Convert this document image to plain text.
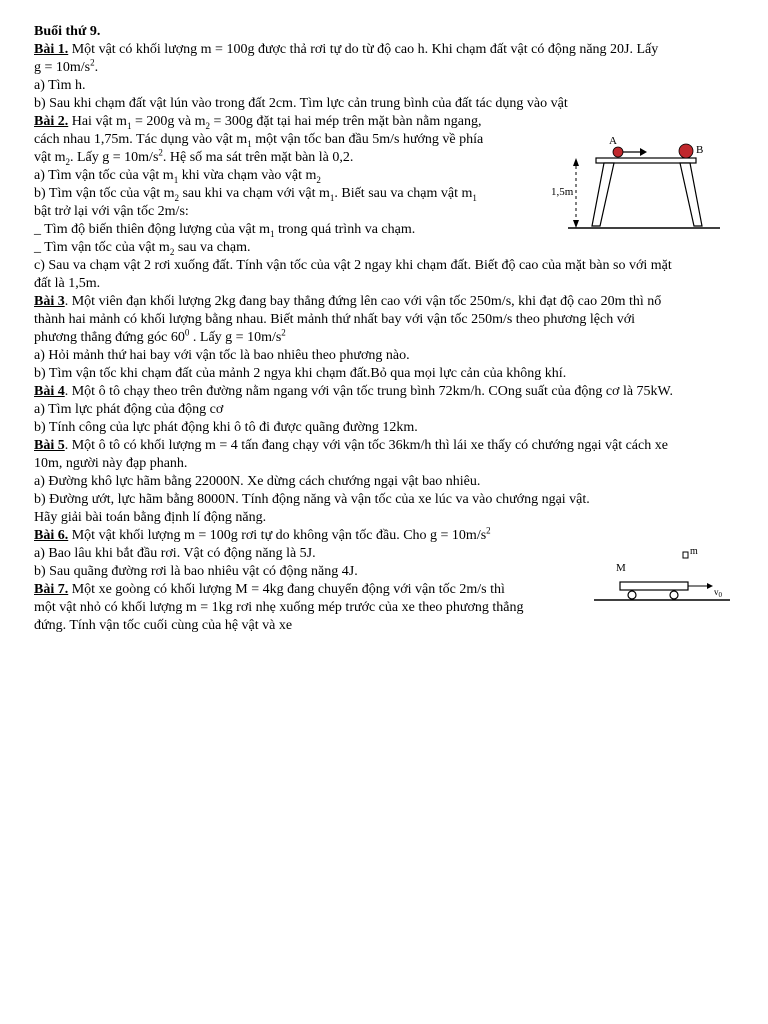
Buổi thứ 9.
Bài 1. Một vật có khối lượng m = 100g được thả rơi tự do từ độ cao h. Khi chạm đất vật có động năng 20J. Lấy
$g = 10m/s^2$.
a) Tìm h.
b) Sau khi chạm đất vật lún vào trong đất 2cm. Tìm lực cản trung bình của đất tác dụng vào vật
Bài 2. Hai vật $m_1 = 200g$ và $m_2 = 300g$ đặt tại hai mép trên mặt bàn nằm ngang,
cách nhau 1,75m. Tác dụng vào vật $m_1$ một vận tốc ban đầu 5m/s hướng về phía
vật $m_2$. Lấy $g = 10m/s^2$. Hệ số ma sát trên mặt bàn là 0,2.
a) Tìm vận tốc của vật $m_1$ khi vừa chạm vào vật $m_2$
b) Tìm vận tốc của vật $m_2$ sau khi va chạm với vật $m_1$. Biết sau va chạm vật $m_1$
bật trở lại với vận tốc 2m/s:
_ Tìm độ biến thiên động lượng của vật $m_1$ trong quá trình va chạm.
_ Tìm vận tốc của vật $m_2$ sau va chạm.
c) Sau va chạm vật 2 rơi xuống đất. Tính vận tốc của vật 2 ngay khi chạm đất. Biết độ cao của mặt bàn so với mặt
đất là 1,5m.
A
B
1,5m
Bài 3. Một viên đạn khối lượng 2kg đang bay thẳng đứng lên cao với vận tốc 250m/s, khi đạt độ cao 20m thì nổ
thành hai mảnh có khối lượng bằng nhau. Biết mảnh thứ nhất bay với vận tốc 250m/s theo phương lệch với
phương thẳng đứng góc $60^0$ . Lấy $g = 10m/s^2$
a) Hỏi mảnh thứ hai bay với vận tốc là bao nhiêu theo phương nào.
b) Tìm vận tốc khi chạm đất của mảnh 2 ngya khi chạm đất.Bỏ qua mọi lực cản của không khí.
Bài 4. Một ô tô chạy theo trên đường nằm ngang với vận tốc trung bình 72km/h. COng suất của động cơ là 75kW.
a) Tìm lực phát động của động cơ
b) Tính công của lực phát động khi ô tô đi được quãng đường 12km.
Bài 5. Một ô tô có khối lượng m = 4 tấn đang chạy với vận tốc 36km/h thì lái xe thấy có chướng ngại vật cách xe
10m, người này đạp phanh.
a) Đường khô lực hãm bằng 22000N. Xe dừng cách chướng ngại vật bao nhiêu.
b) Đường ướt, lực hãm bằng 8000N. Tính động năng và vận tốc của xe lúc va vào chướng ngại vật.
Hãy giải bài toán bằng định lí động năng.
Bài 6. Một vật khối lượng m = 100g rơi tự do không vận tốc đầu. Cho $g = 10m/s^2$
a) Bao lâu khi bắt đầu rơi. Vật có động năng là 5J.
b) Sau quãng đường rơi là bao nhiêu vật có động năng 4J.
Bài 7. Một xe goòng có khối lượng M = 4kg đang chuyển động với vận tốc 2m/s thì
một vật nhỏ có khối lượng m = 1kg rơi nhẹ xuống mép trước của xe theo phương thẳng
đứng. Tính vận tốc cuối cùng của hệ vật và xe
m
M
$v_0$
